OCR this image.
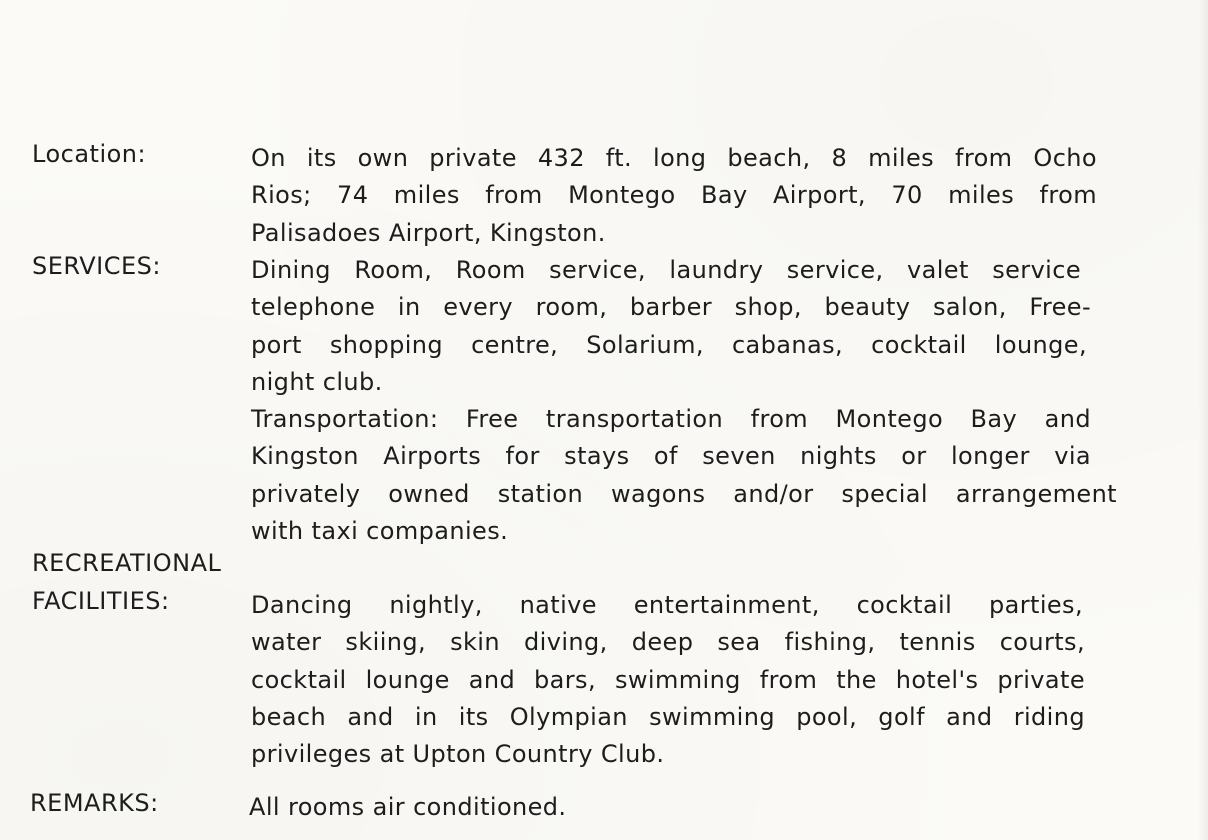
Location:	On its own private 432 ft. long beach, 8 miles from Ocho
Rios; 74 miles from Montego Bay Airport, 70 miles from
Palisadoes Airport, Kingston.
SERVICES:	Dining Room, Room service, laundry service, valet service
telephone in every room, barber shop, beauty salon, Free-
port shopping centre, Solarium, cabanas, cocktail lounge,
night club.
Transportation: Free transportation from Montego Bay and
Kingston Airports for stays of seven nights or longer via
privately owned station wagons and/or special arrangement
with taxi companies.
RECREATIONAL
FACILITIES:	Dancing nightly, native entertainment, cocktail parties,
water skiing, skin diving, deep sea fishing, tennis courts,
cocktail lounge and bars, swimming from the hotel's private
beach and in its Olympian swimming pool, golf and riding
privileges at Upton Country Club.
REMARKS:	All rooms air conditioned.
